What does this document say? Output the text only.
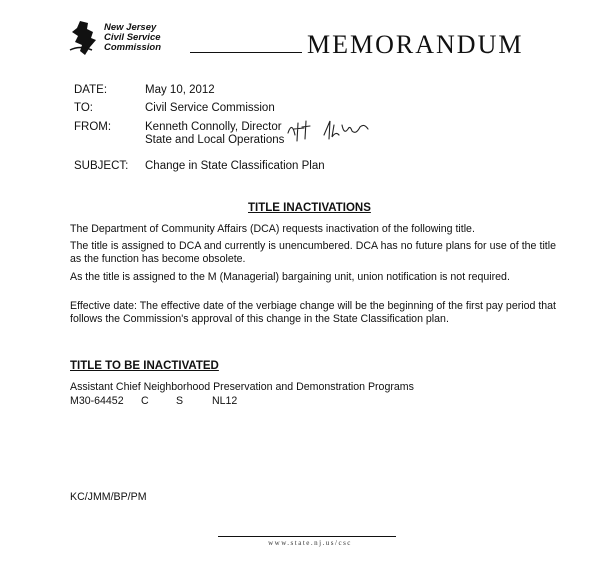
New Jersey
Civil Service
Commission	MEMORANDUM
DATE:	May 10, 2012
TO:	Civil Service Commission
FROM:	Kenneth Connolly, Director
State and Local Operations
SUBJECT: Change in State Classification Plan
TITLE INACTIVATIONS
The Department of Community Affairs (DCA) requests inactivation of the following title.
The title is assigned to DCA and currently is unencumbered. DCA has no future plans for use of the title as the function has become obsolete.
As the title is assigned to the M (Managerial) bargaining unit, union notification is not required.
Effective date: The effective date of the verbiage change will be the beginning of the first pay period that follows the Commission's approval of this change in the State Classification plan.
TITLE TO BE INACTIVATED
Assistant Chief Neighborhood Preservation and Demonstration Programs
M30-64452 C	S	NL12
KC/JMM/BP/PM
www.state.nj.us/csc
